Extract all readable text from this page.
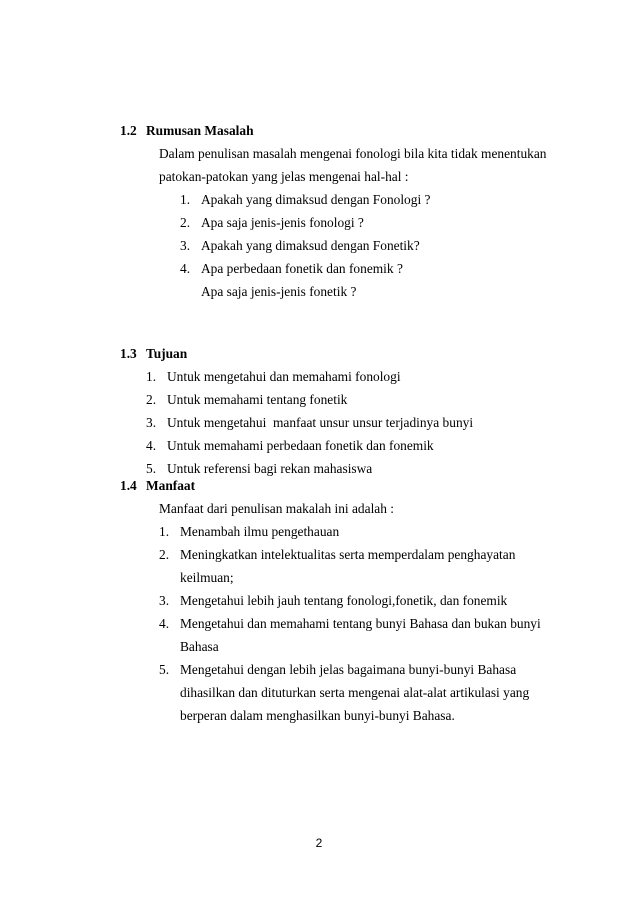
1.2 Rumusan Masalah
Dalam penulisan masalah mengenai fonologi bila kita tidak menentukan
patokan-patokan yang jelas mengenai hal-hal :
1. Apakah yang dimaksud dengan Fonologi ?
2. Apa saja jenis-jenis fonologi ?
3. Apakah yang dimaksud dengan Fonetik?
4. Apa perbedaan fonetik dan fonemik ?
Apa saja jenis-jenis fonetik ?
1.3 Tujuan
1. Untuk mengetahui dan memahami fonologi
2. Untuk memahami tentang fonetik
3. Untuk mengetahui  manfaat unsur unsur terjadinya bunyi
4. Untuk memahami perbedaan fonetik dan fonemik
5. Untuk referensi bagi rekan mahasiswa
1.4 Manfaat
Manfaat dari penulisan makalah ini adalah :
1. Menambah ilmu pengethauan
2. Meningkatkan intelektualitas serta memperdalam penghayatan
keilmuan;
3. Mengetahui lebih jauh tentang fonologi,fonetik, dan fonemik
4. Mengetahui dan memahami tentang bunyi Bahasa dan bukan bunyi
Bahasa
5. Mengetahui dengan lebih jelas bagaimana bunyi-bunyi Bahasa
dihasilkan dan dituturkan serta mengenai alat-alat artikulasi yang
berperan dalam menghasilkan bunyi-bunyi Bahasa.
2
